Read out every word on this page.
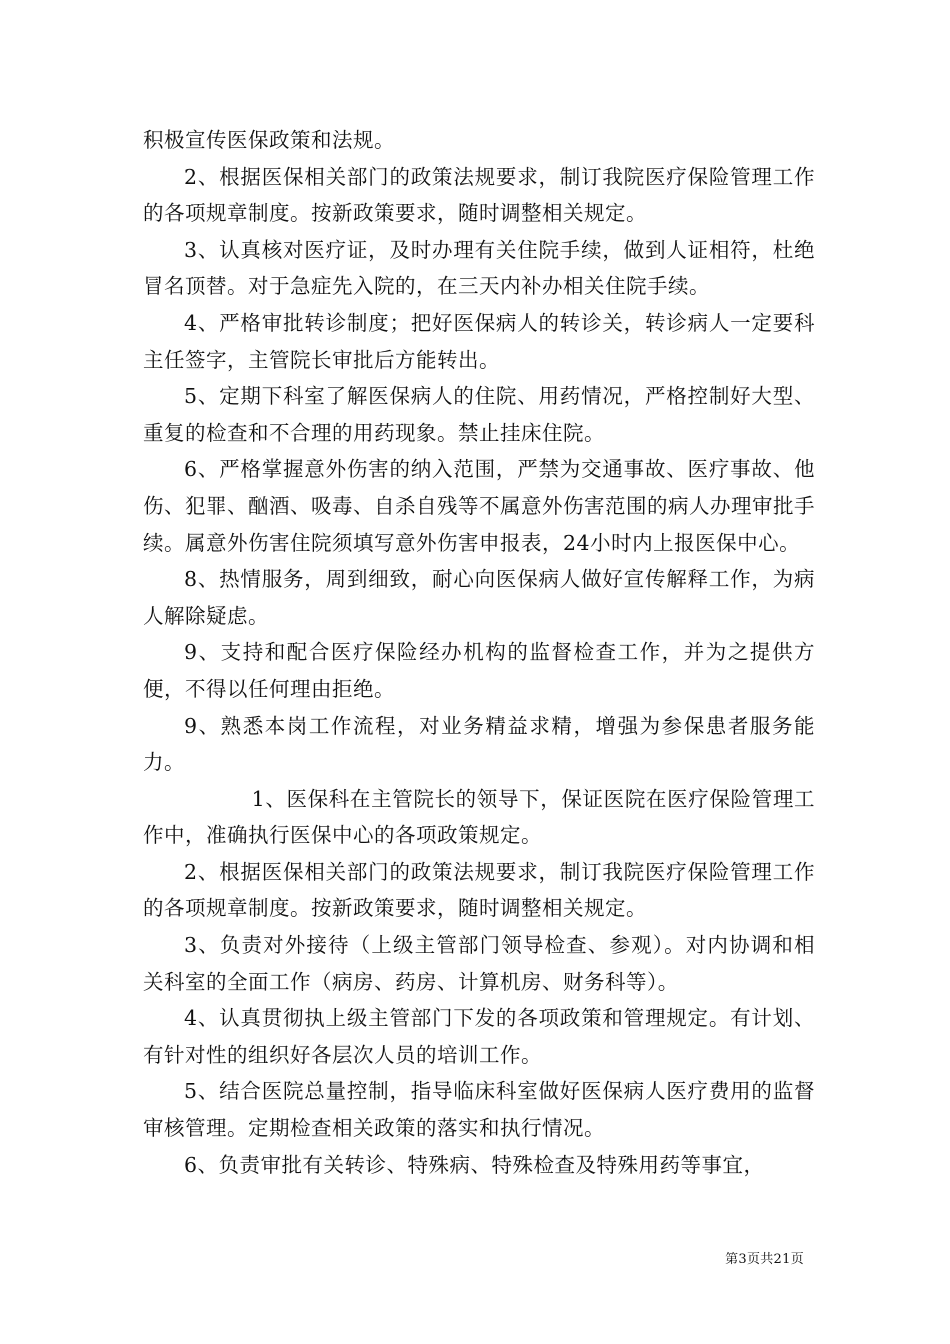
积极宣传医保政策和法规。

2、根据医保相关部门的政策法规要求，制订我院医疗保险管理工作的各项规章制度。按新政策要求，随时调整相关规定。

3、认真核对医疗证，及时办理有关住院手续，做到人证相符，杜绝冒名顶替。对于急症先入院的，在三天内补办相关住院手续。

4、严格审批转诊制度；把好医保病人的转诊关，转诊病人一定要科主任签字，主管院长审批后方能转出。

5、定期下科室了解医保病人的住院、用药情况，严格控制好大型、重复的检查和不合理的用药现象。禁止挂床住院。

6、严格掌握意外伤害的纳入范围，严禁为交通事故、医疗事故、他伤、犯罪、酗酒、吸毒、自杀自残等不属意外伤害范围的病人办理审批手续。属意外伤害住院须填写意外伤害申报表，24小时内上报医保中心。

8、热情服务，周到细致，耐心向医保病人做好宣传解释工作，为病人解除疑虑。

9、支持和配合医疗保险经办机构的监督检查工作，并为之提供方便，不得以任何理由拒绝。

9、熟悉本岗工作流程，对业务精益求精，增强为参保患者服务能力。

1、医保科在主管院长的领导下，保证医院在医疗保险管理工作中，准确执行医保中心的各项政策规定。

2、根据医保相关部门的政策法规要求，制订我院医疗保险管理工作的各项规章制度。按新政策要求，随时调整相关规定。

3、负责对外接待（上级主管部门领导检查、参观）。对内协调和相关科室的全面工作（病房、药房、计算机房、财务科等）。

4、认真贯彻执上级主管部门下发的各项政策和管理规定。有计划、有针对性的组织好各层次人员的培训工作。

5、结合医院总量控制，指导临床科室做好医保病人医疗费用的监督审核管理。定期检查相关政策的落实和执行情况。

6、负责审批有关转诊、特殊病、特殊检查及特殊用药等事宜，

第3页共21页
